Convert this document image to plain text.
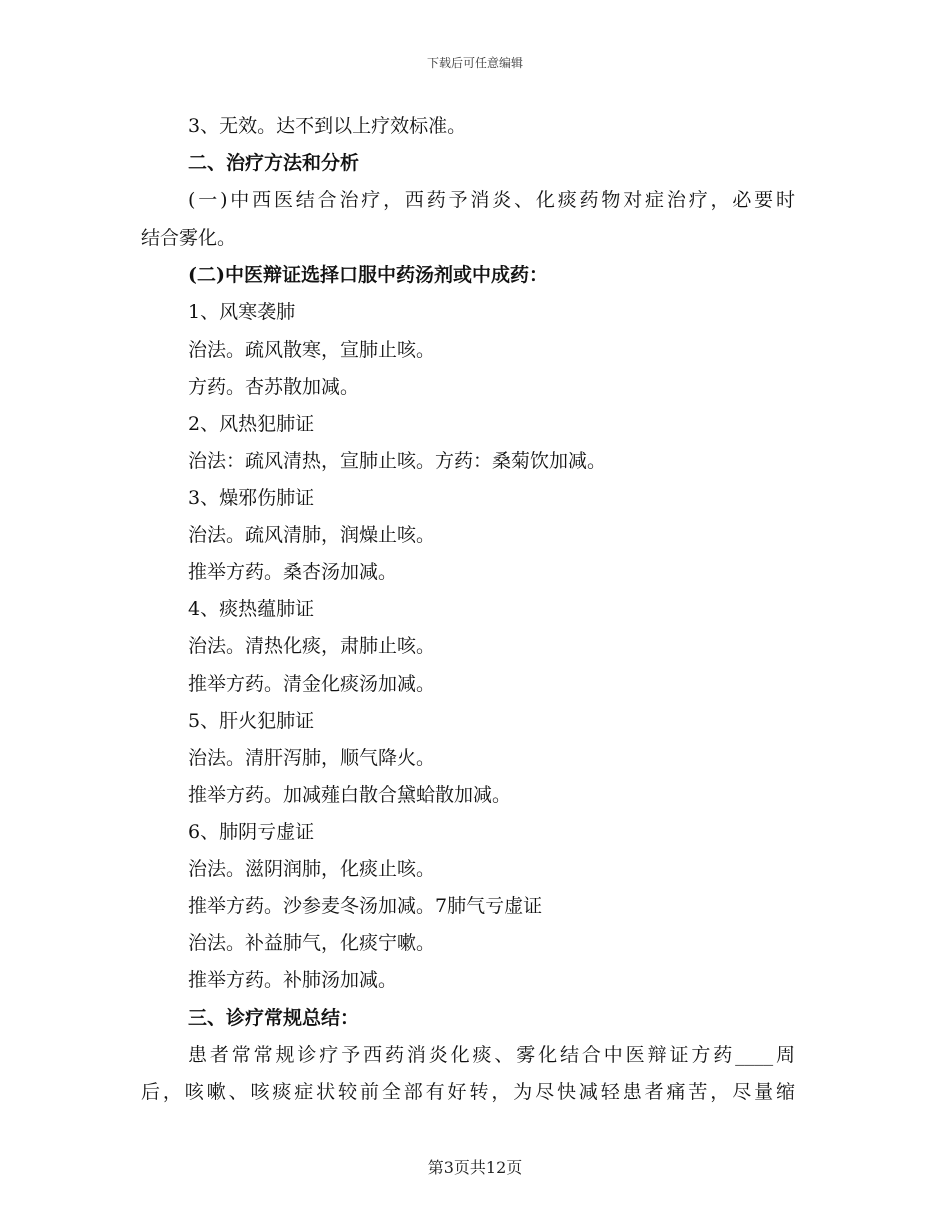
下载后可任意编辑
3、无效。达不到以上疗效标准。
二、治疗方法和分析
(一)中西医结合治疗，西药予消炎、化痰药物对症治疗，必要时
结合雾化。
(二)中医辩证选择口服中药汤剂或中成药：
1、风寒袭肺
治法。疏风散寒，宣肺止咳。
方药。杏苏散加减。
2、风热犯肺证
治法：疏风清热，宣肺止咳。方药：桑菊饮加减。
3、燥邪伤肺证
治法。疏风清肺，润燥止咳。
推举方药。桑杏汤加减。
4、痰热蕴肺证
治法。清热化痰，肃肺止咳。
推举方药。清金化痰汤加减。
5、肝火犯肺证
治法。清肝泻肺，顺气降火。
推举方药。加减薤白散合黛蛤散加减。
6、肺阴亏虚证
治法。滋阴润肺，化痰止咳。
推举方药。沙参麦冬汤加减。7肺气亏虚证
治法。补益肺气，化痰宁嗽。
推举方药。补肺汤加减。
三、诊疗常规总结：
患者常常规诊疗予西药消炎化痰、雾化结合中医辩证方药____周
后，咳嗽、咳痰症状较前全部有好转，为尽快减轻患者痛苦，尽量缩
第3页共12页
